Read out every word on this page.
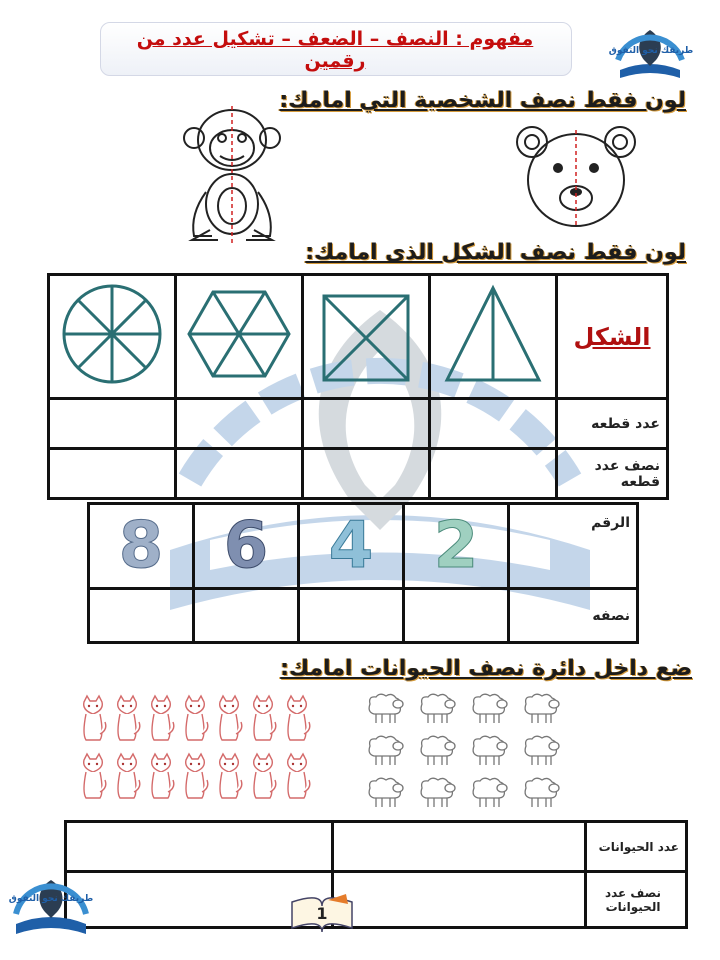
مفهوم : النصف – الضعف – تشكيل عدد من رقمين	طريقك نحو التفوق
لون فقط نصف الشخصية التي امامك:
لون فقط نصف الشكل الذى امامك:
				الشكل
				عدد قطعه
				نصف عدد قطعه
8	6	4	2	الرقم
				نصفه
ضع داخل دائرة نصف الحيوانات امامك:
		عدد الحيوانات
		نصف عدد الحيوانات
طريقك نحو التفوق
1
